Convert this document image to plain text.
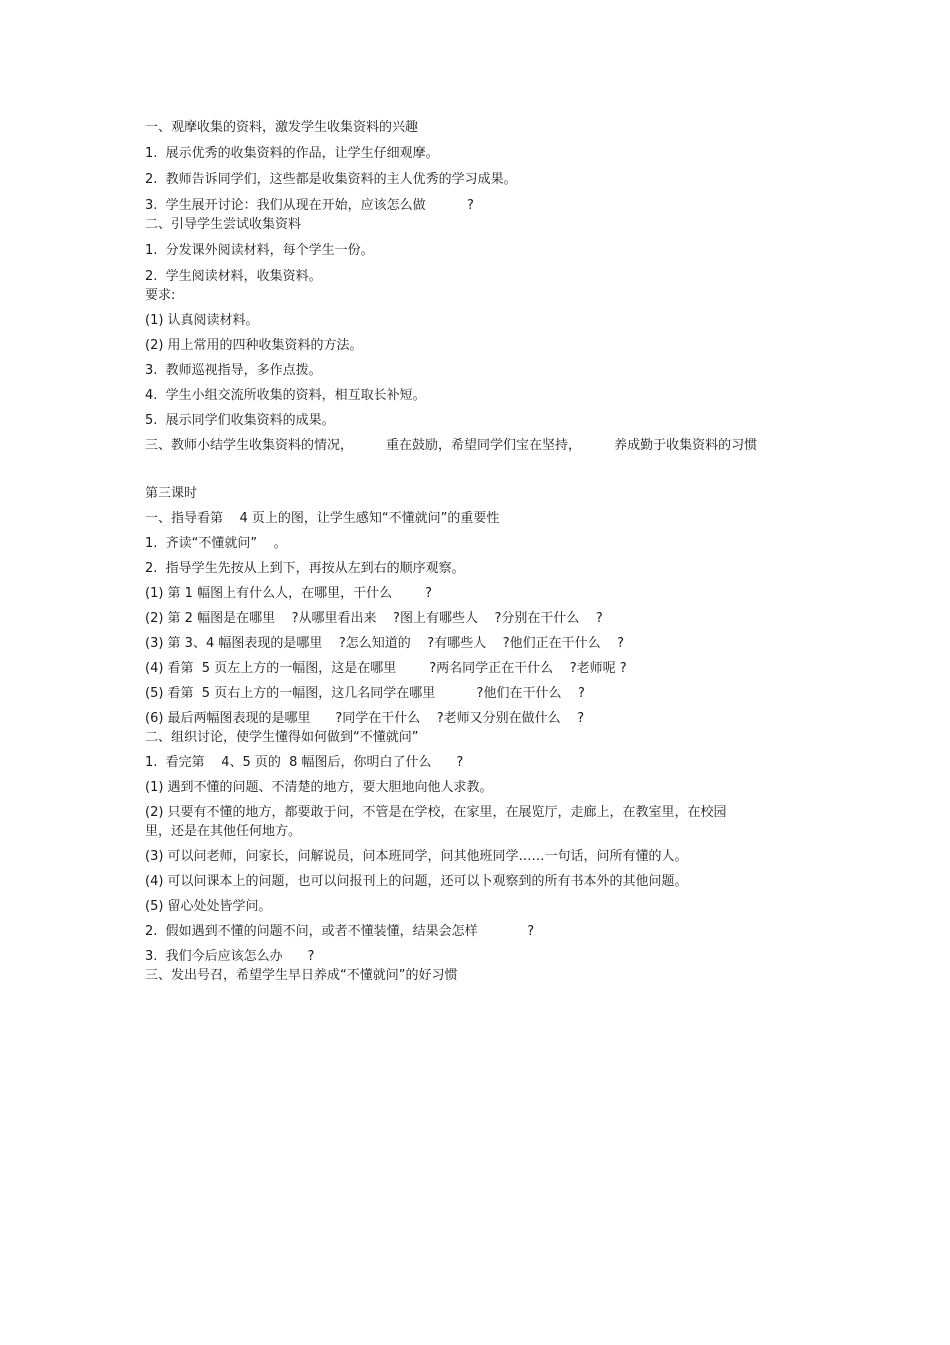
一、观摩收集的资料，激发学生收集资料的兴趣
1.  展示优秀的收集资料的作品，让学生仔细观摩。
2.  教师告诉同学们，这些都是收集资料的主人优秀的学习成果。
3.  学生展开讨论：我们从现在开始，应该怎么做          ?
二、引导学生尝试收集资料
1.  分发课外阅读材料，每个学生一份。
2.  学生阅读材料，收集资料。
要求:
(1) 认真阅读材料。
(2) 用上常用的四种收集资料的方法。
3.  教师巡视指导，多作点拨。
4.  学生小组交流所收集的资料，相互取长补短。
5.  展示同学们收集资料的成果。
三、教师小结学生收集资料的情况，        重在鼓励，希望同学们宝在坚持，        养成勤于收集资料的习惯
第三课时
一、指导看第    4 页上的图，让学生感知“不懂就问”的重要性
1.  齐读“不懂就问”    。
2.  指导学生先按从上到下，再按从左到右的顺序观察。
(1) 第 1 幅图上有什么人，在哪里，干什么        ?
(2) 第 2 幅图是在哪里    ?从哪里看出来    ?图上有哪些人    ?分别在干什么    ?
(3) 第 3、4 幅图表现的是哪里    ?怎么知道的    ?有哪些人    ?他们正在干什么    ?
(4) 看第  5 页左上方的一幅图，这是在哪里        ?两名同学正在干什么    ?老师呢 ?
(5) 看第  5 页右上方的一幅图，这几名同学在哪里          ?他们在干什么    ?
(6) 最后两幅图表现的是哪里      ?同学在干什么    ?老师又分别在做什么    ?
二、组织讨论，使学生懂得如何做到“不懂就问”
1.  看完第    4、5 页的  8 幅图后，你明白了什么      ?
(1) 遇到不懂的问题、不清楚的地方，要大胆地向他人求教。
(2) 只要有不懂的地方，都要敢于问，不管是在学校，在家里，在展览厅，走廊上，在教室里，在校园里，还是在其他任何地方。
(3) 可以问老师，问家长，问解说员，问本班同学，问其他班同学……一句话，问所有懂的人。
(4) 可以问课本上的问题，也可以问报刊上的问题，还可以卜观察到的所有书本外的其他问题。
(5) 留心处处皆学问。
2.  假如遇到不懂的问题不问，或者不懂装懂，结果会怎样            ?
3.  我们今后应该怎么办      ?
三、发出号召，希望学生早日养成“不懂就问”的好习惯
